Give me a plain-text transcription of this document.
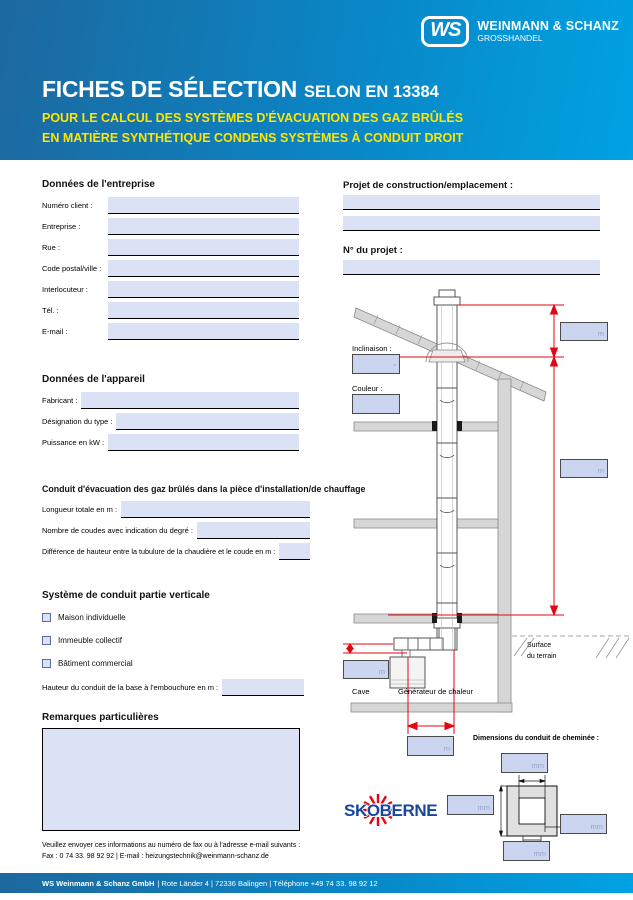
WS	WEINMANN & SCHANZ
GROSSHANDEL
FICHES DE SÉLECTION SELON EN 13384
POUR LE CALCUL DES SYSTÈMES D'ÉVACUATION DES GAZ BRÛLÉS
EN MATIÈRE SYNTHÉTIQUE CONDENS SYSTÈMES À CONDUIT DROIT
Données de l'entreprise
Numéro client :
Entreprise :
Rue :
Code postal/ville :
Interlocuteur :
Tél. :
E-mail :
Données de l'appareil
Fabricant :
Désignation du type :
Puissance en kW :
Conduit d'évacuation des gaz brûlés dans la pièce d'installation/de chauffage
Longueur totale en m :
Nombre de coudes avec indication du degré :
Différence de hauteur entre la tubulure de la chaudière et le coude en m :
Système de conduit partie verticale
Maison individuelle
Immeuble collectif
Bâtiment commercial
Hauteur du conduit de la base à l'embouchure en m :
Remarques particulières
Veuillez envoyer ces informations au numéro de fax ou à l'adresse e-mail suivants :
Fax : 0 74 33. 98 92 92 | E-mail : heizungstechnik@weinmann-schanz.de
Projet de construction/emplacement :
N° du projet :
m
Inclinaison :
°
Couleur :
m
m
Surface du terrain
Cave	Générateur de chaleur
m
Dimensions du conduit de cheminée :
mm
mm
mm
mm
SKOBERNE
WS Weinmann & Schanz GmbH | Rote Länder 4 | 72336 Balingen | Téléphone +49 74 33. 98 92 12
